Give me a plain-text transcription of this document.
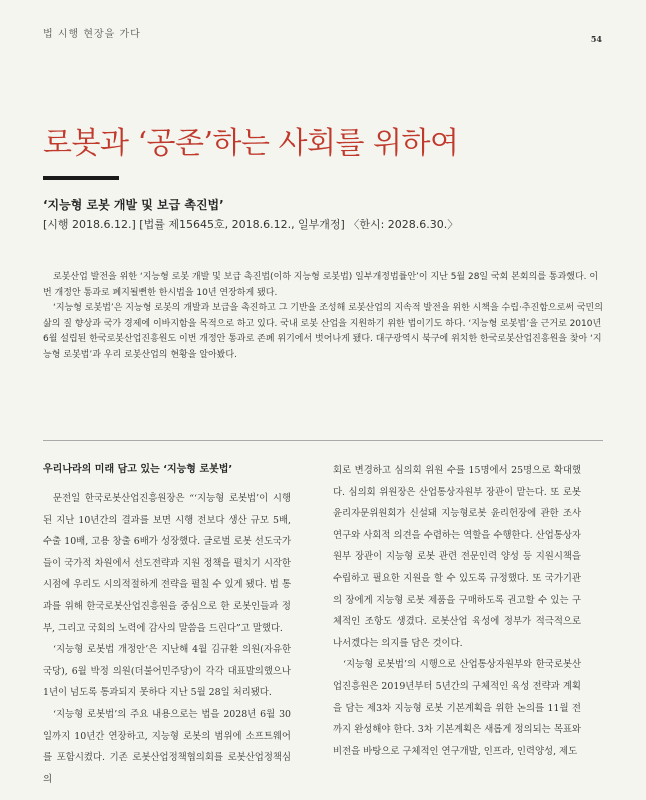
법 시행 현장을 가다	54
로봇과 ‘공존’하는 사회를 위하여
‘지능형 로봇 개발 및 보급 촉진법’
[시행 2018.6.12.] [법률 제15645호, 2018.6.12., 일부개정] 〈한시: 2028.6.30.〉

로봇산업 발전을 위한 ‘지능형 로봇 개발 및 보급 촉진법(이하 지능형 로봇법) 일부개정법률안’이 지난 5월 28일 국회 본회의를 통과했다. 이번 개정안 통과로 폐지될뻔한 한시법을 10년 연장하게 됐다.

‘지능형 로봇법’은 지능형 로봇의 개발과 보급을 촉진하고 그 기반을 조성해 로봇산업의 지속적 발전을 위한 시책을 수립·추진함으로써 국민의 삶의 질 향상과 국가 경제에 이바지함을 목적으로 하고 있다. 국내 로봇 산업을 지원하기 위한 법이기도 하다. ‘지능형 로봇법’을 근거로 2010년 6월 설립된 한국로봇산업진흥원도 이번 개정안 통과로 존폐 위기에서 벗어나게 됐다. 대구광역시 북구에 위치한 한국로봇산업진흥원을 찾아 ‘지능형 로봇법’과 우리 로봇산업의 현황을 알아봤다.

우리나라의 미래 담고 있는 ‘지능형 로봇법’

문전일 한국로봇산업진흥원장은 “‘지능형 로봇법’이 시행된 지난 10년간의 결과를 보면 시행 전보다 생산 규모 5배, 수출 10배, 고용 창출 6배가 성장했다. 글로벌 로봇 선도국가들이 국가적 차원에서 선도전략과 지원 정책을 펼치기 시작한 시점에 우리도 시의적절하게 전략을 펼칠 수 있게 됐다. 법 통과를 위해 한국로봇산업진흥원을 중심으로 한 로봇인들과 정부, 그리고 국회의 노력에 감사의 말씀을 드린다”고 말했다.

‘지능형 로봇법 개정안’은 지난해 4월 김규환 의원(자유한국당), 6월 박정 의원(더불어민주당)이 각각 대표발의했으나 1년이 넘도록 통과되지 못하다 지난 5월 28일 처리됐다.

‘지능형 로봇법’의 주요 내용으로는 법을 2028년 6월 30일까지 10년간 연장하고, 지능형 로봇의 범위에 소프트웨어를 포함시켰다. 기존 로봇산업정책협의회를 로봇산업정책심의

회로 변경하고 심의회 위원 수를 15명에서 25명으로 확대했다. 심의회 위원장은 산업통상자원부 장관이 맡는다. 또 로봇윤리자문위원회가 신설돼 지능형로봇 윤리헌장에 관한 조사 연구와 사회적 의견을 수렴하는 역할을 수행한다. 산업통상자원부 장관이 지능형 로봇 관련 전문인력 양성 등 지원시책을 수립하고 필요한 지원을 할 수 있도록 규정했다. 또 국가기관의 장에게 지능형 로봇 제품을 구매하도록 권고할 수 있는 구체적인 조항도 생겼다. 로봇산업 육성에 정부가 적극적으로 나서겠다는 의지를 담은 것이다.

‘지능형 로봇법’의 시행으로 산업통상자원부와 한국로봇산업진흥원은 2019년부터 5년간의 구체적인 육성 전략과 계획을 담는 제3차 지능형 로봇 기본계획을 위한 논의를 11월 전까지 완성해야 한다. 3차 기본계획은 새롭게 정의되는 목표와 비전을 바탕으로 구체적인 연구개발, 인프라, 인력양성, 제도
